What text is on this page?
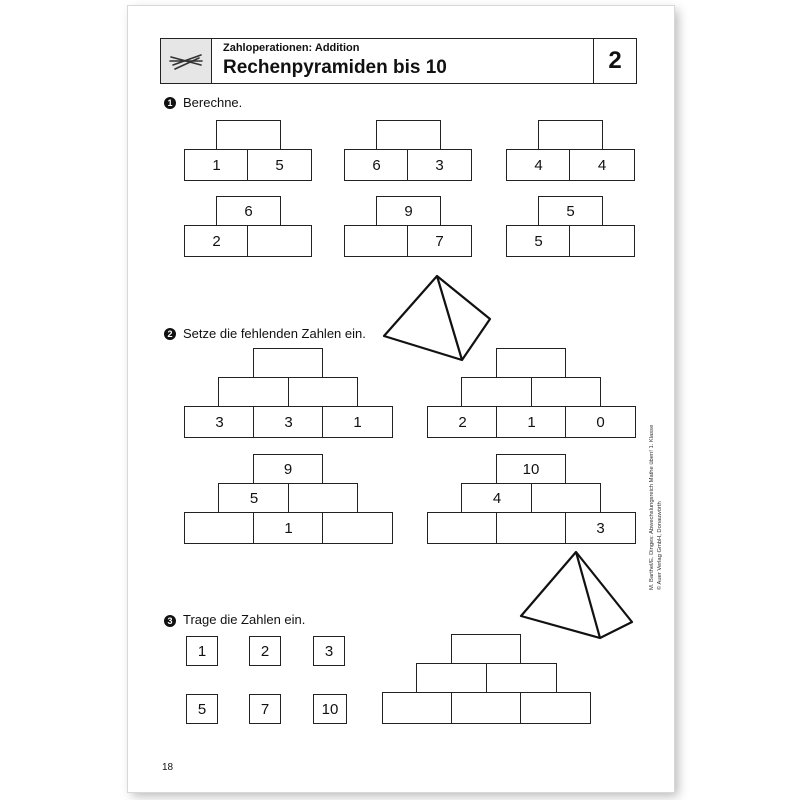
Zahloperationen: Addition
Rechenpyramiden bis 10	2
1 Berechne.
1	5	6	3	4	4
6
2
9
7
5
5
2 Setze die fehlenden Zahlen ein.
3	3	1	2	1	0
9
5
1
10
4
3
3 Trage die Zahlen ein.
1	2	3
5	7	10
18
M. Barthel/E. Dinges: Abwechslungsreich Mathe üben! 1. Klasse © Auer Verlag GmbH, Donauwörth
